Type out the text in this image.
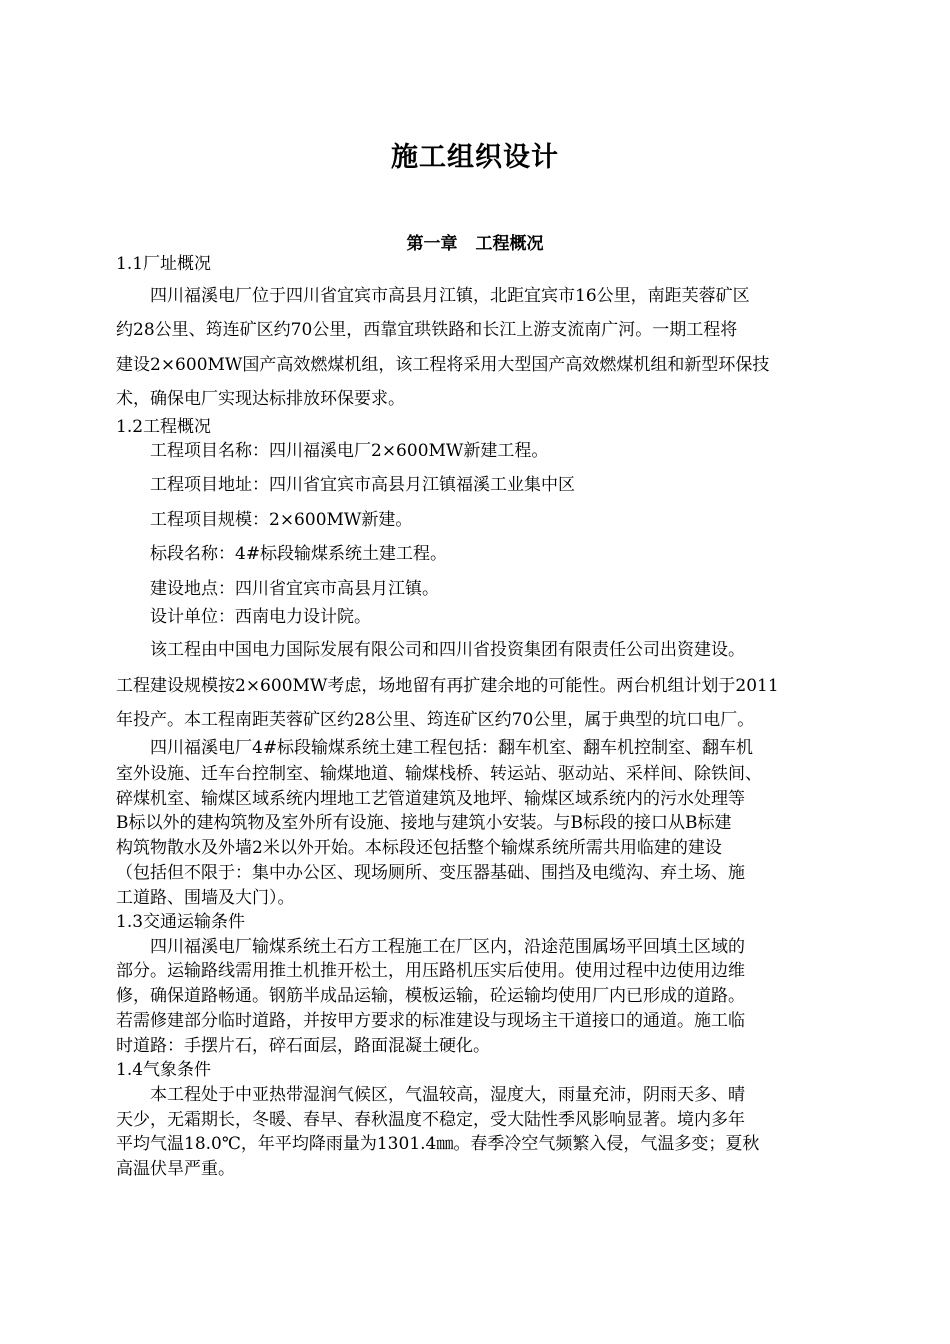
施工组织设计
第一章 工程概况

1.1厂址概况

四川福溪电厂位于四川省宜宾市高县月江镇，北距宜宾市16公里，南距芙蓉矿区

约28公里、筠连矿区约70公里，西靠宜珙铁路和长江上游支流南广河。一期工程将

建设2×600MW国产高效燃煤机组，该工程将采用大型国产高效燃煤机组和新型环保技

术，确保电厂实现达标排放环保要求。

1.2工程概况

工程项目名称：四川福溪电厂2×600MW新建工程。

工程项目地址：四川省宜宾市高县月江镇福溪工业集中区

工程项目规模：2×600MW新建。

标段名称：4#标段输煤系统土建工程。

建设地点：四川省宜宾市高县月江镇。

设计单位：西南电力设计院。

该工程由中国电力国际发展有限公司和四川省投资集团有限责任公司出资建设。

工程建设规模按2×600MW考虑，场地留有再扩建余地的可能性。两台机组计划于2011

年投产。本工程南距芙蓉矿区约28公里、筠连矿区约70公里，属于典型的坑口电厂。

四川福溪电厂4#标段输煤系统土建工程包括：翻车机室、翻车机控制室、翻车机

室外设施、迁车台控制室、输煤地道、输煤栈桥、转运站、驱动站、采样间、除铁间、

碎煤机室、输煤区域系统内埋地工艺管道建筑及地坪、输煤区域系统内的污水处理等

B标以外的建构筑物及室外所有设施、接地与建筑小安装。与B标段的接口从B标建

构筑物散水及外墙2米以外开始。本标段还包括整个输煤系统所需共用临建的建设

（包括但不限于：集中办公区、现场厕所、变压器基础、围挡及电缆沟、弃土场、施

工道路、围墙及大门）。

1.3交通运输条件

四川福溪电厂输煤系统土石方工程施工在厂区内，沿途范围属场平回填土区域的

部分。运输路线需用推土机推开松土，用压路机压实后使用。使用过程中边使用边维

修，确保道路畅通。钢筋半成品运输，模板运输，砼运输均使用厂内已形成的道路。

若需修建部分临时道路，并按甲方要求的标准建设与现场主干道接口的通道。施工临

时道路：手摆片石，碎石面层，路面混凝土硬化。

1.4气象条件

本工程处于中亚热带湿润气候区，气温较高，湿度大，雨量充沛，阴雨天多、晴

天少，无霜期长，冬暖、春早、春秋温度不稳定，受大陆性季风影响显著。境内多年

平均气温18.0℃，年平均降雨量为1301.4㎜。春季冷空气频繁入侵，气温多变；夏秋

高温伏旱严重。
